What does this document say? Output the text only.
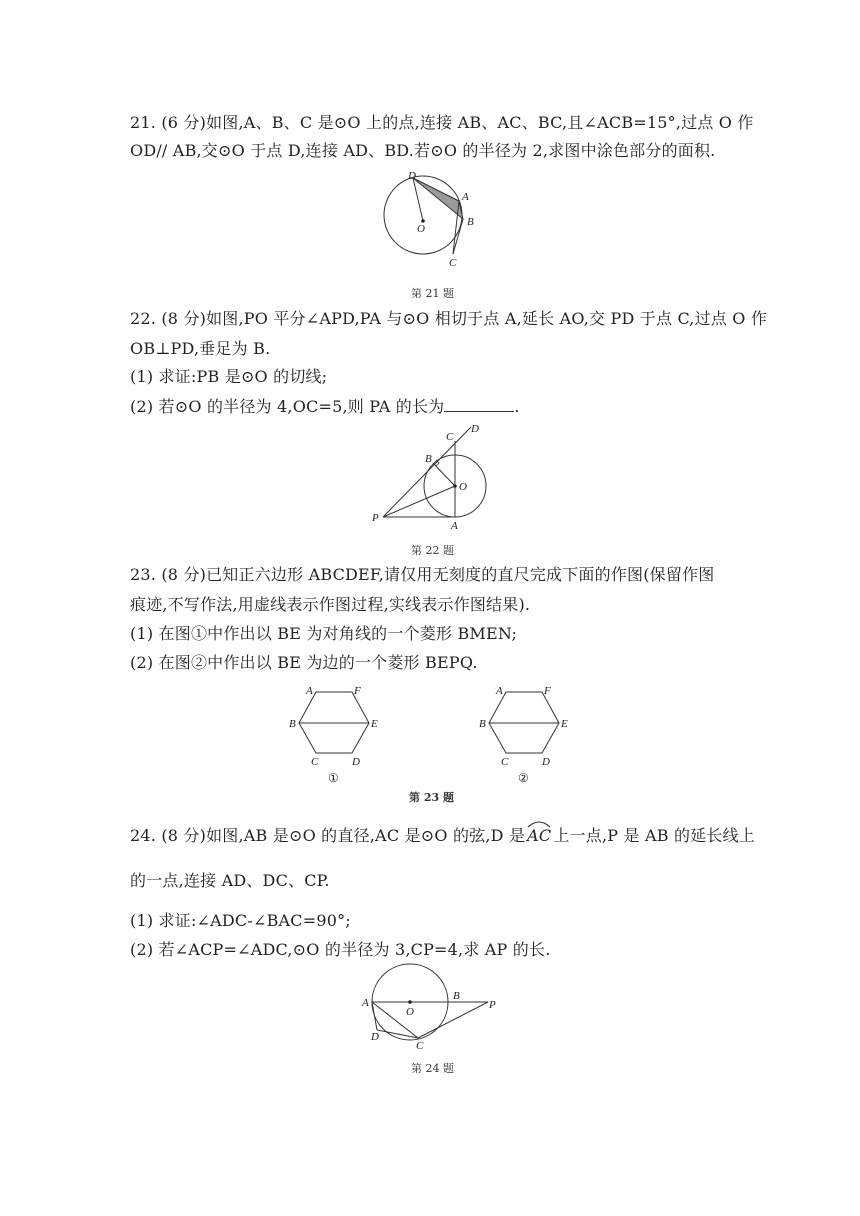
21. (6 分)如图,A、B、C 是⊙O 上的点,连接 AB、AC、BC,且∠ACB=15°,过点 O 作
OD// AB,交⊙O 于点 D,连接 AD、BD.若⊙O 的半径为 2,求图中涂色部分的面积.
D
A
B
O
C
第 21 题
22. (8 分)如图,PO 平分∠APD,PA 与⊙O 相切于点 A,延长 AO,交 PD 于点 C,过点 O 作
OB⊥PD,垂足为 B.
(1) 求证:PB 是⊙O 的切线;
(2) 若⊙O 的半径为 4,OC=5,则 PA 的长为	.
C
D
B
O
P
A
第 22 题
23. (8 分)已知正六边形 ABCDEF,请仅用无刻度的直尺完成下面的作图(保留作图
痕迹,不写作法,用虚线表示作图过程,实线表示作图结果).
(1) 在图①中作出以 BE 为对角线的一个菱形 BMEN;
(2) 在图②中作出以 BE 为边的一个菱形 BEPQ.
A	F
B	E
C	D
①
A	F
B	E
C	D
②
第 23 题
24. (8 分)如图,AB 是⊙O 的直径,AC 是⊙O 的弦,D 是 AC 上一点,P 是 AB 的延长线上
的一点,连接 AD、DC、CP.
(1) 求证:∠ADC-∠BAC=90°;
(2) 若∠ACP=∠ADC,⊙O 的半径为 3,CP=4,求 AP 的长.
A
O
B
P
D
C
第 24 题
